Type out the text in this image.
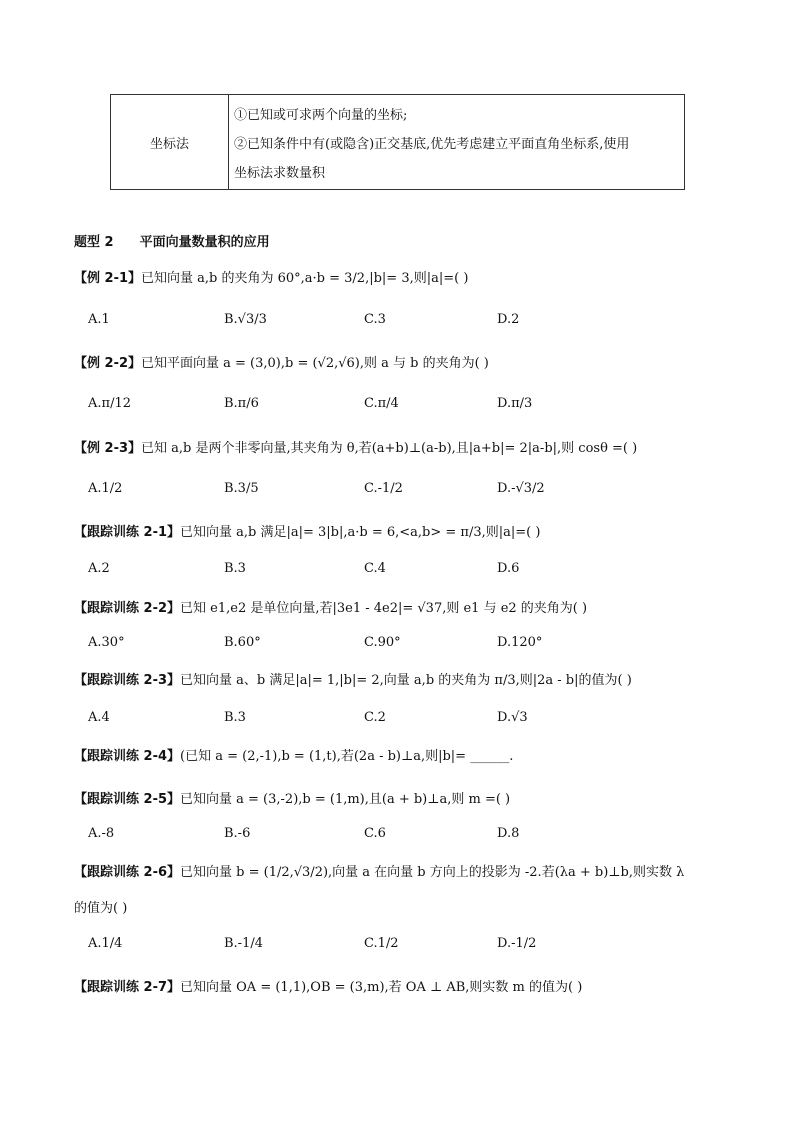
坐标法
①已知或可求两个向量的坐标;
②已知条件中有(或隐含)正交基底,优先考虑建立平面直角坐标系,使用
坐标法求数量积
题型 2 平面向量数量积的应用
【例 2-1】 已知向量 a,b 的夹角为 60°,a·b = 3/2,|b|= 3,则|a|=( )
A.1	B.√3/3	C.3	D.2
【例 2-2】 已知平面向量 a = (3,0),b = (√2,√6),则 a 与 b 的夹角为( )
A.π/12	B.π/6	C.π/4	D.π/3
【例 2-3】 已知 a,b 是两个非零向量,其夹角为 θ,若(a+b)⊥(a-b),且|a+b|= 2|a-b|,则 cosθ =( )
A.1/2	B.3/5	C.-1/2	D.-√3/2
【跟踪训练 2-1】 已知向量 a,b 满足|a|= 3|b|,a·b = 6,<a,b> = π/3,则|a|=( )
A.2	B.3	C.4	D.6
【跟踪训练 2-2】 已知 e1,e2 是单位向量,若|3e1 - 4e2|= √37,则 e1 与 e2 的夹角为( )
A.30°	B.60°	C.90°	D.120°
【跟踪训练 2-3】 已知向量 a、b 满足|a|= 1,|b|= 2,向量 a,b 的夹角为 π/3,则|2a - b|的值为( )
A.4	B.3	C.2	D.√3
【跟踪训练 2-4】 (已知 a = (2,-1),b = (1,t),若(2a - b)⊥a,则|b|= ______.
【跟踪训练 2-5】 已知向量 a = (3,-2),b = (1,m),且(a + b)⊥a,则 m =( )
A.-8	B.-6	C.6	D.8
【跟踪训练 2-6】 已知向量 b = (1/2,√3/2),向量 a 在向量 b 方向上的投影为 -2.若(λa + b)⊥b,则实数 λ
的值为( )
A.1/4	B.-1/4	C.1/2	D.-1/2
【跟踪训练 2-7】 已知向量 OA = (1,1),OB = (3,m),若 OA ⊥ AB,则实数 m 的值为( )
